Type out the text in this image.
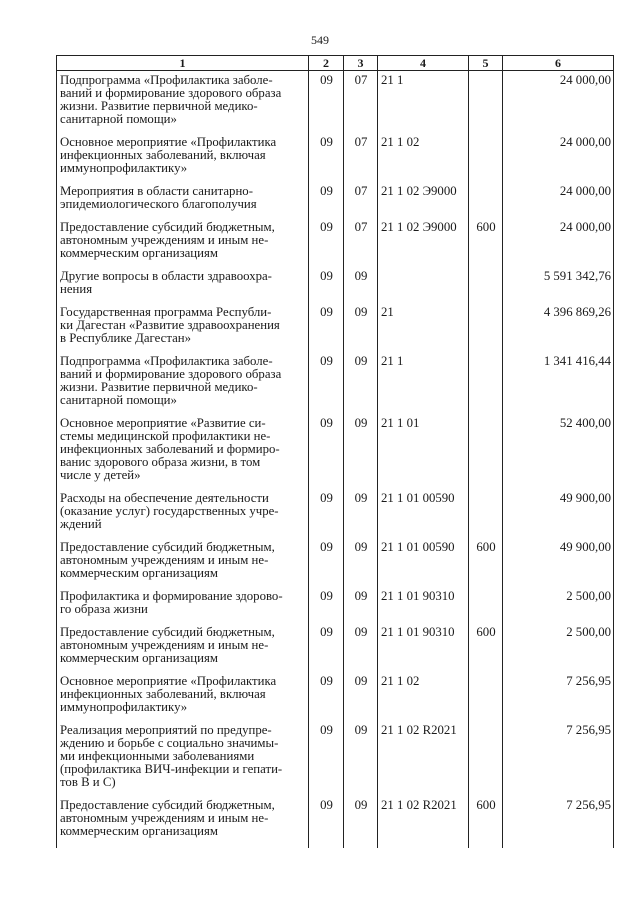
549
1	2	3	4	5	6

Подпрограмма «Профилактика заболе-
ваний и формирование здорового образа
жизни. Развитие первичной медико-
санитарной помощи»	09	07	21 1		24 000,00

Основное мероприятие «Профилактика
инфекционных заболеваний, включая
иммунопрофилактику»	09	07	21 1 02		24 000,00

Мероприятия в области санитарно-
эпидемиологического благополучия	09	07	21 1 02 Э9000		24 000,00

Предоставление субсидий бюджетным,
автономным учреждениям и иным не-
коммерческим организациям	09	07	21 1 02 Э9000	600	24 000,00

Другие вопросы в области здравоохра-
нения	09	09			5 591 342,76

Государственная программа Республи-
ки Дагестан «Развитие здравоохранения
в Республике Дагестан»	09	09	21		4 396 869,26

Подпрограмма «Профилактика заболе-
ваний и формирование здорового образа
жизни. Развитие первичной медико-
санитарной помощи»	09	09	21 1		1 341 416,44

Основное мероприятие «Развитие си-
стемы медицинской профилактики не-
инфекционных заболеваний и формиро-
ванис здорового образа жизни, в том
числе у детей»	09	09	21 1 01		52 400,00

Расходы на обеспечение деятельности
(оказание услуг) государственных учре-
ждений	09	09	21 1 01 00590		49 900,00

Предоставление субсидий бюджетным,
автономным учреждениям и иным не-
коммерческим организациям	09	09	21 1 01 00590	600	49 900,00

Профилактика и формирование здорово-
го образа жизни	09	09	21 1 01 90310		2 500,00

Предоставление субсидий бюджетным,
автономным учреждениям и иным не-
коммерческим организациям	09	09	21 1 01 90310	600	2 500,00

Основное мероприятие «Профилактика
инфекционных заболеваний, включая
иммунопрофилактику»	09	09	21 1 02		7 256,95

Реализация мероприятий по предупре-
ждению и борьбе с социально значимы-
ми инфекционными заболеваниями
(профилактика ВИЧ-инфекции и гепати-
тов В и С)	09	09	21 1 02 R2021		7 256,95

Предоставление субсидий бюджетным,
автономным учреждениям и иным не-
коммерческим организациям	09	09	21 1 02 R2021	600	7 256,95
